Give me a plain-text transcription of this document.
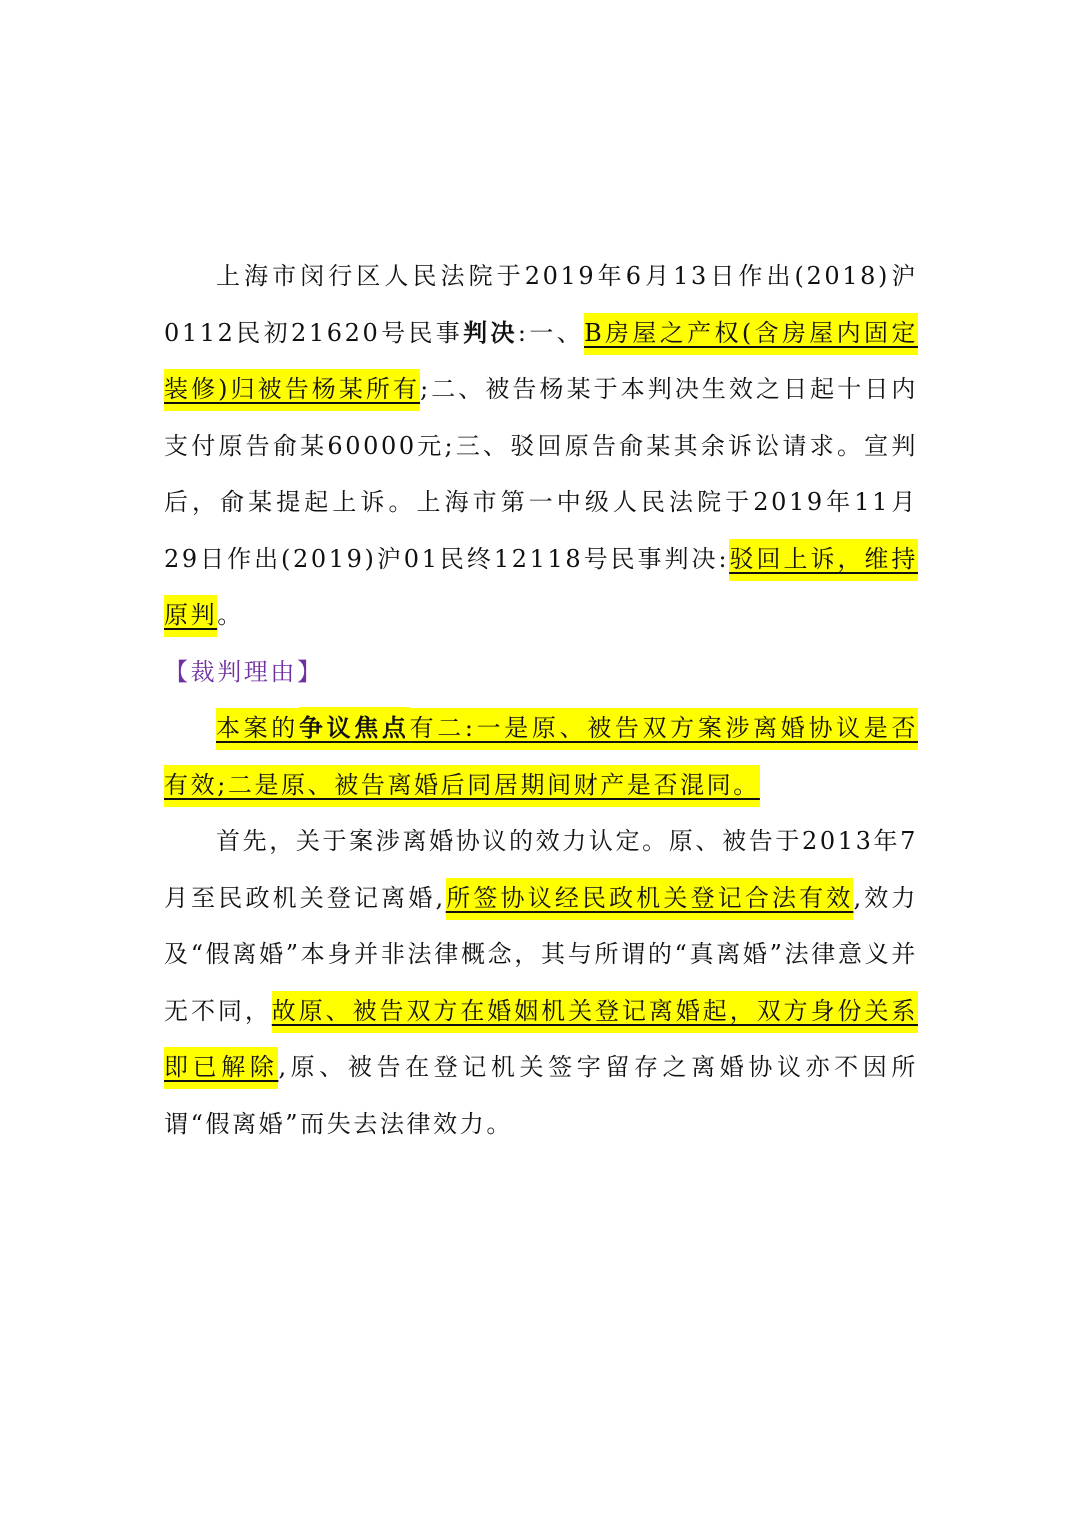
上海市闵行区人民法院于2019年6月13日作出(2018)沪0112民初21620号民事判决:一、B房屋之产权(含房屋内固定装修)归被告杨某所有;二、被告杨某于本判决生效之日起十日内支付原告俞某60000元;三、驳回原告俞某其余诉讼请求。宣判后，俞某提起上诉。上海市第一中级人民法院于2019年11月29日作出(2019)沪01民终12118号民事判决:驳回上诉，维持原判。

【裁判理由】

本案的争议焦点有二:一是原、被告双方案涉离婚协议是否有效;二是原、被告离婚后同居期间财产是否混同。

首先，关于案涉离婚协议的效力认定。原、被告于2013年7月至民政机关登记离婚,所签协议经民政机关登记合法有效,效力及“假离婚”本身并非法律概念，其与所谓的“真离婚”法律意义并无不同，故原、被告双方在婚姻机关登记离婚起，双方身份关系即已解除,原、被告在登记机关签字留存之离婚协议亦不因所谓“假离婚”而失去法律效力。
